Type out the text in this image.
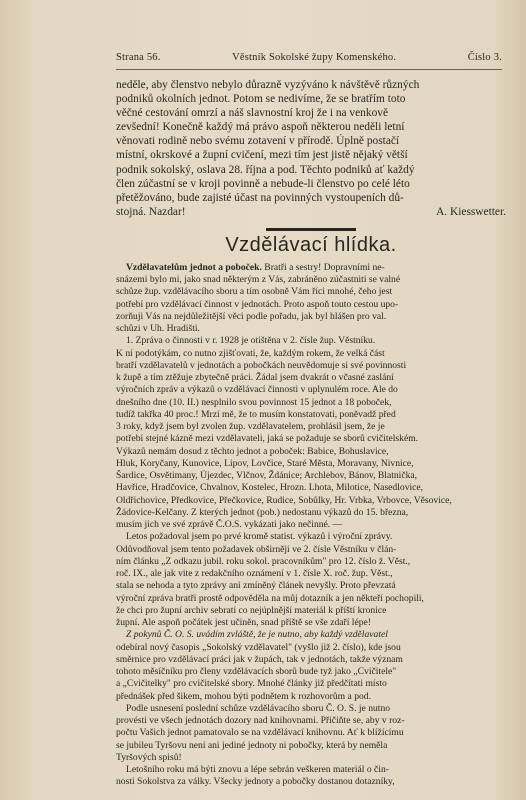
Strana 56.	Věstník Sokolské župy Komenského.	Číslo 3.
neděle, aby členstvo nebylo důrazně vyzýváno k návštěvě různých
podniků okolních jednot. Potom se nedivíme, že se bratřím toto
věčné cestování omrzí a náš slavnostní kroj že i na venkově
zevšední! Konečně každý má právo aspoň některou neděli letní
věnovati rodině nebo svému zotavení v přírodě. Úplně postačí
místní, okrskové a župní cvičení, mezi tím jest jistě nějaký větší
podnik sokolský, oslava 28. října a pod. Těchto podniků ať každý
člen zúčastní se v kroji povinně a nebude-li členstvo po celé léto
přetěžováno, bude zajisté účast na povinných vystoupeních dů-
stojná. Nazdar!	A. Kiesswetter.
Vzdělávací hlídka.
Vzdělavatelům jednot a poboček. Bratři a sestry! Dopravními ne-
snázemi bylo mi, jako snad některým z Vás, zabráněno zúčastniti se valné
schůze žup. vzdělávacího sboru a tím osobně Vám říci mnohé, čeho jest
potřebí pro vzdělávací činnost v jednotách. Proto aspoň touto cestou upo-
zorňuji Vás na nejdůležitější věci podle pořadu, jak byl hlášen pro val.
schůzi v Uh. Hradišti.
1. Zpráva o činnosti v r. 1928 je otištěna v 2. čísle žup. Věstníku.
K ní podotýkám, co nutno zjišťovati, že, každým rokem, že velká část
bratří vzdělavatelů v jednotách a pobočkách neuvědomuje si své povinnosti
k župě a tím ztěžuje zbytečně práci. Žádal jsem dvakrát o včasné zaslání
výročních zpráv a výkazů o vzdělávací činnosti v uplynulém roce. Ale do
dnešního dne (10. II.) nesplnilo svou povinnost 15 jednot a 18 poboček,
tudíž takřka 40 proc.! Mrzí mě, že to musím konstatovati, poněvadž před
3 roky, když jsem byl zvolen žup. vzdělavatelem, prohlásil jsem, že je
potřebí stejné kázně mezi vzdělavateli, jaká se požaduje se sborů cvičitelském.
Výkazů nemám dosud z těchto jednot a poboček: Babice, Bohuslavice,
Hluk, Koryčany, Kunovice, Lipov, Lovčice, Staré Města, Moravany, Nivnice,
Šardice, Osvětimany, Újezdec, Vlčnov, Ždánice; Archlebov, Bánov, Blatnička,
Havřice, Hradčovice, Chvalnov, Kostelec, Hrozn. Lhota, Milotice, Nasedlovice,
Oldřichovice, Předkovice, Přečkovice, Rudice, Sobůlky, Hr. Vrbka, Vrbovce, Věsovice,
Žádovice-Kelčany. Z kterých jednot (pob.) nedostanu výkazů do 15. března,
musím jich ve své zprávě Č.O.S. vykázati jako nečinné. —
Letos požadoval jsem po prvé kromě statist. výkazů i výroční zprávy.
Odůvodňoval jsem tento požadavek obširněji ve 2. čísle Věstníku v člán-
ním článku „Z odkazu jubil. roku sokol. pracovníkům" pro 12. číslo ž. Věst.,
roč. IX., ale jak vite z redakčního oznámení v 1. čísle X. roč. žup. Věst.,
stala se nehoda a tyto zprávy ani zmíněný článek nevyšly. Proto převzatá
výroční zpráva bratři prostě odpověděla na můj dotazník a jen někteří pochopili,
že chci pro župní archiv sebrati co nejúplnější materiál k příští kronice
župní. Ale aspoň počátek jest učiněn, snad příště se vše zdaří lépe!
Z pokynů Č. O. S. uvádím zvláště, že je nutno, aby každý vzdělavatel
odebíral nový časopis „Sokolský vzdělavatel" (vyšlo již 2. číslo), kde jsou
směrnice pro vzdělávací práci jak v župách, tak v jednotách, takže význam
tohoto měsíčníku pro členy vzdělávacích sborů bude tyž jako „Cvičitele"
a „Cvičitelky" pro cvičitelské sbory. Mnohé články již předčítati místo
přednášek před šikem, mohou býti podnětem k rozhovorům a pod.
Podle usnesení poslední schůze vzdělávacího sboru Č. O. S. je nutno
provésti ve všech jednotách dozory nad knihovnami. Přičiňte se, aby v roz-
počtu Vašich jednot pamatovalo se na vzdělávací knihovnu. Ať k blížícímu
se jubileu Tyršovu není ani jediné jednoty ni pobočky, která by neměla
Tyršových spisů!
Letošního roku má býti znovu a lépe sebrán veškeren materiál o čin-
nosti Sokolstva za války. Všecky jednoty a pobočky dostanou dotazníky,
